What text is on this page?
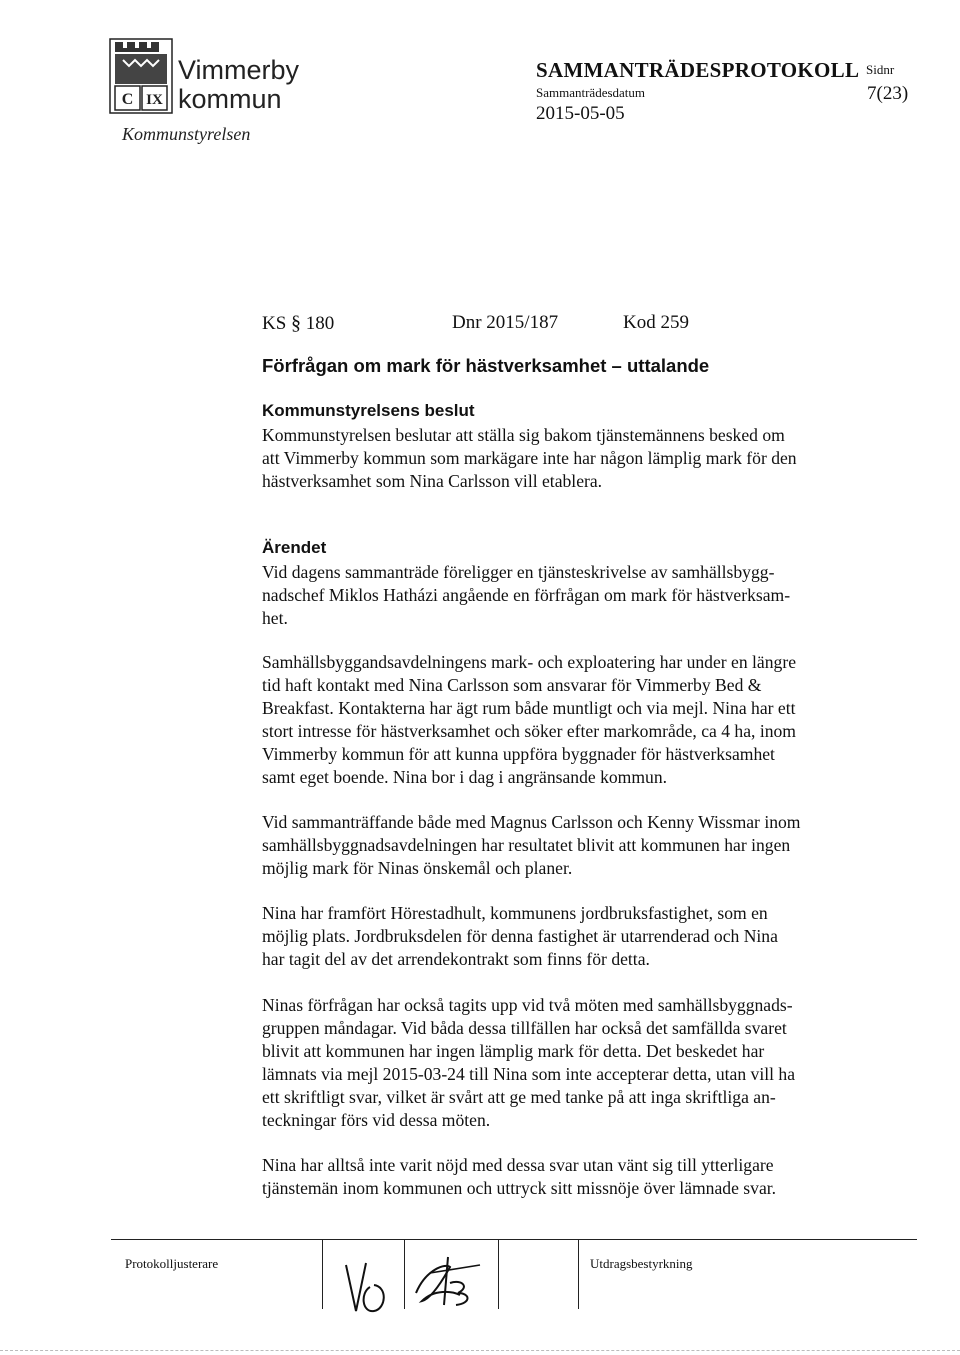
C IX
Vimmerby
kommun
Kommunstyrelsen
SAMMANTRÄDESPROTOKOLL
Sammanträdesdatum
2015-05-05
Sidnr
7(23)
KS § 180	Dnr 2015/187	Kod 259
Förfrågan om mark för hästverksamhet – uttalande
Kommunstyrelsens beslut
Kommunstyrelsen beslutar att ställa sig bakom tjänstemännens besked om
att Vimmerby kommun som markägare inte har någon lämplig mark för den
hästverksamhet som Nina Carlsson vill etablera.
Ärendet
Vid dagens sammanträde föreligger en tjänsteskrivelse av samhällsbygg-
nadschef Miklos Hatházi angående en förfrågan om mark för hästverksam-
het.
Samhällsbyggandsavdelningens mark- och exploatering har under en längre
tid haft kontakt med Nina Carlsson som ansvarar för Vimmerby Bed &
Breakfast. Kontakterna har ägt rum både muntligt och via mejl. Nina har ett
stort intresse för hästverksamhet och söker efter markområde, ca 4 ha, inom
Vimmerby kommun för att kunna uppföra byggnader för hästverksamhet
samt eget boende. Nina bor i dag i angränsande kommun.
Vid sammanträffande både med Magnus Carlsson och Kenny Wissmar inom
samhällsbyggnadsavdelningen har resultatet blivit att kommunen har ingen
möjlig mark för Ninas önskemål och planer.
Nina har framfört Hörestadhult, kommunens jordbruksfastighet, som en
möjlig plats. Jordbruksdelen för denna fastighet är utarrenderad och Nina
har tagit del av det arrendekontrakt som finns för detta.
Ninas förfrågan har också tagits upp vid två möten med samhällsbyggnads-
gruppen måndagar. Vid båda dessa tillfällen har också det samfällda svaret
blivit att kommunen har ingen lämplig mark för detta. Det beskedet har
lämnats via mejl 2015-03-24 till Nina som inte accepterar detta, utan vill ha
ett skriftligt svar, vilket är svårt att ge med tanke på att inga skriftliga an-
teckningar förs vid dessa möten.
Nina har alltså inte varit nöjd med dessa svar utan vänt sig till ytterligare
tjänstemän inom kommunen och uttryck sitt missnöje över lämnade svar.
Protokolljusterare	Utdragsbestyrkning
